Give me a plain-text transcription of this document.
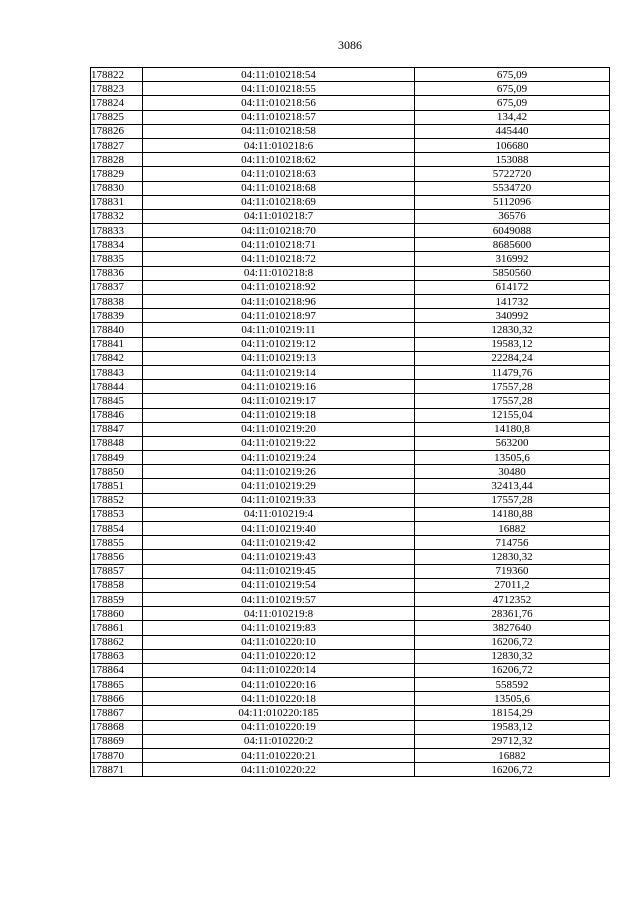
3086
178822	04:11:010218:54	675,09
178823	04:11:010218:55	675,09
178824	04:11:010218:56	675,09
178825	04:11:010218:57	134,42
178826	04:11:010218:58	445440
178827	04:11:010218:6	106680
178828	04:11:010218:62	153088
178829	04:11:010218:63	5722720
178830	04:11:010218:68	5534720
178831	04:11:010218:69	5112096
178832	04:11:010218:7	36576
178833	04:11:010218:70	6049088
178834	04:11:010218:71	8685600
178835	04:11:010218:72	316992
178836	04:11:010218:8	5850560
178837	04:11:010218:92	614172
178838	04:11:010218:96	141732
178839	04:11:010218:97	340992
178840	04:11:010219:11	12830,32
178841	04:11:010219:12	19583,12
178842	04:11:010219:13	22284,24
178843	04:11:010219:14	11479,76
178844	04:11:010219:16	17557,28
178845	04:11:010219:17	17557,28
178846	04:11:010219:18	12155,04
178847	04:11:010219:20	14180,8
178848	04:11:010219:22	563200
178849	04:11:010219:24	13505,6
178850	04:11:010219:26	30480
178851	04:11:010219:29	32413,44
178852	04:11:010219:33	17557,28
178853	04:11:010219:4	14180,88
178854	04:11:010219:40	16882
178855	04:11:010219:42	714756
178856	04:11:010219:43	12830,32
178857	04:11:010219:45	719360
178858	04:11:010219:54	27011,2
178859	04:11:010219:57	4712352
178860	04:11:010219:8	28361,76
178861	04:11:010219:83	3827640
178862	04:11:010220:10	16206,72
178863	04:11:010220:12	12830,32
178864	04:11:010220:14	16206,72
178865	04:11:010220:16	558592
178866	04:11:010220:18	13505,6
178867	04:11:010220:185	18154,29
178868	04:11:010220:19	19583,12
178869	04:11:010220:2	29712,32
178870	04:11:010220:21	16882
178871	04:11:010220:22	16206,72
